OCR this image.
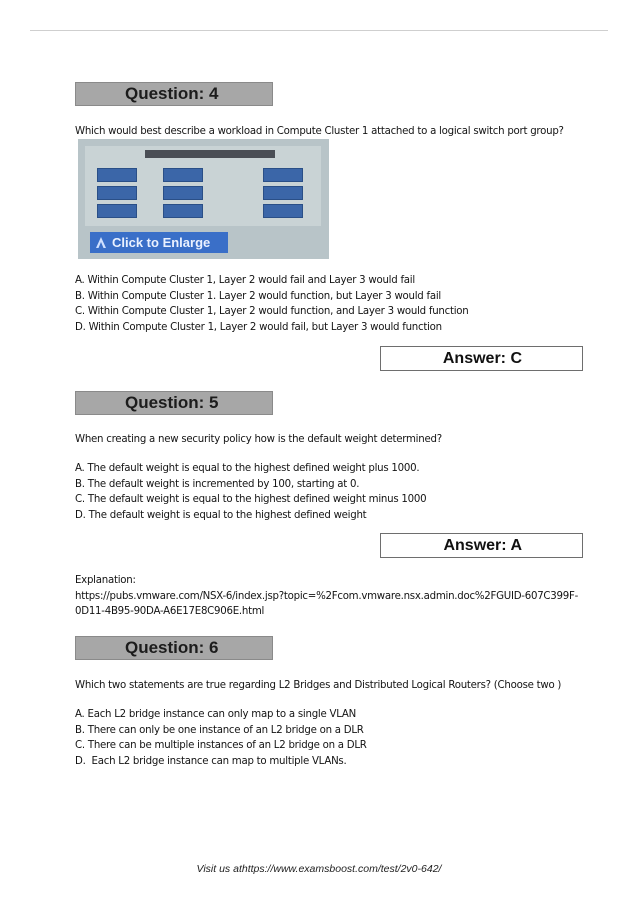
Question: 4
Which would best describe a workload in Compute Cluster 1 attached to a logical switch port group?
Click to Enlarge
A. Within Compute Cluster 1, Layer 2 would fail and Layer 3 would fail
B. Within Compute Cluster 1. Layer 2 would function, but Layer 3 would fail
C. Within Compute Cluster 1, Layer 2 would function, and Layer 3 would function
D. Within Compute Cluster 1, Layer 2 would fail, but Layer 3 would function
Answer: C
Question: 5
When creating a new security policy how is the default weight determined?
A. The default weight is equal to the highest defined weight plus 1000.
B. The default weight is incremented by 100, starting at 0.
C. The default weight is equal to the highest defined weight minus 1000
D. The default weight is equal to the highest defined weight
Answer: A
Explanation:
https://pubs.vmware.com/NSX-6/index.jsp?topic=%2Fcom.vmware.nsx.admin.doc%2FGUID-607C399F-
0D11-4B95-90DA-A6E17E8C906E.html
Question: 6
Which two statements are true regarding L2 Bridges and Distributed Logical Routers? (Choose two )
A. Each L2 bridge instance can only map to a single VLAN
B. There can only be one instance of an L2 bridge on a DLR
C. There can be multiple instances of an L2 bridge on a DLR
D.  Each L2 bridge instance can map to multiple VLANs.
Visit us athttps://www.examsboost.com/test/2v0-642/
